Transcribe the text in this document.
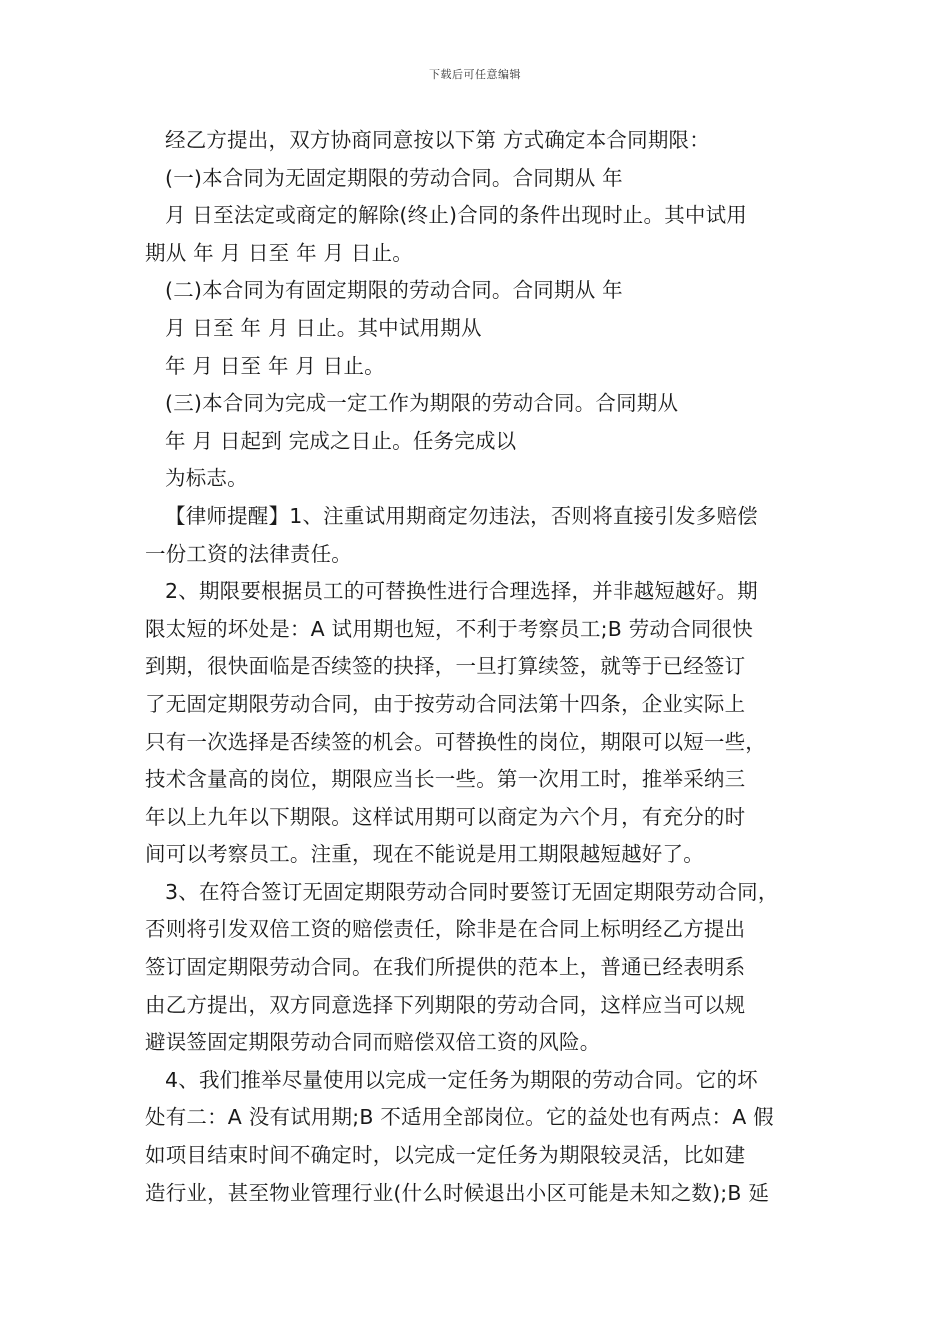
下载后可任意编辑
经乙方提出，双方协商同意按以下第 方式确定本合同期限：
(一)本合同为无固定期限的劳动合同。合同期从 年
月 日至法定或商定的解除(终止)合同的条件出现时止。其中试用
期从 年 月 日至 年 月 日止。
(二)本合同为有固定期限的劳动合同。合同期从 年
月 日至 年 月 日止。其中试用期从
年 月 日至 年 月 日止。
(三)本合同为完成一定工作为期限的劳动合同。合同期从
年 月 日起到 完成之日止。任务完成以
为标志。
【律师提醒】1、注重试用期商定勿违法，否则将直接引发多赔偿
一份工资的法律责任。
2、期限要根据员工的可替换性进行合理选择，并非越短越好。期
限太短的坏处是：A 试用期也短，不利于考察员工;B 劳动合同很快
到期，很快面临是否续签的抉择，一旦打算续签，就等于已经签订
了无固定期限劳动合同，由于按劳动合同法第十四条，企业实际上
只有一次选择是否续签的机会。可替换性的岗位，期限可以短一些，
技术含量高的岗位，期限应当长一些。第一次用工时，推举采纳三
年以上九年以下期限。这样试用期可以商定为六个月，有充分的时
间可以考察员工。注重，现在不能说是用工期限越短越好了。
3、在符合签订无固定期限劳动合同时要签订无固定期限劳动合同，
否则将引发双倍工资的赔偿责任，除非是在合同上标明经乙方提出
签订固定期限劳动合同。在我们所提供的范本上，普通已经表明系
由乙方提出，双方同意选择下列期限的劳动合同，这样应当可以规
避误签固定期限劳动合同而赔偿双倍工资的风险。
4、我们推举尽量使用以完成一定任务为期限的劳动合同。它的坏
处有二：A 没有试用期;B 不适用全部岗位。它的益处也有两点：A 假
如项目结束时间不确定时，以完成一定任务为期限较灵活，比如建
造行业，甚至物业管理行业(什么时候退出小区可能是未知之数);B 延
